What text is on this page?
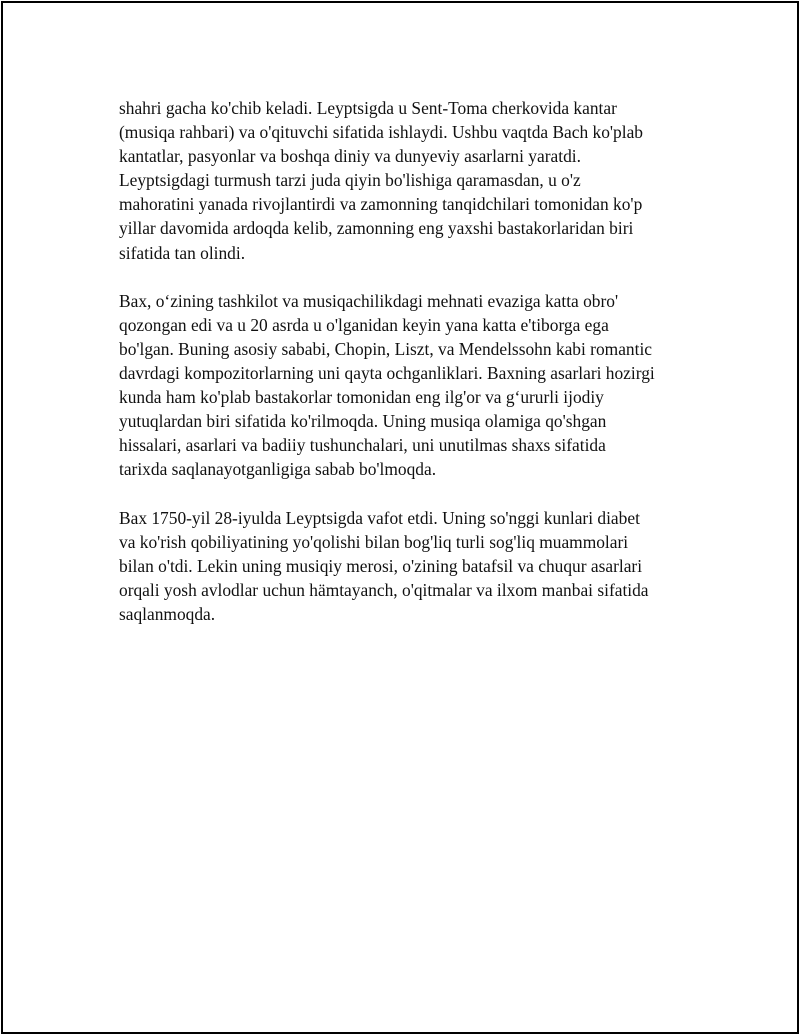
shahri gacha ko'chib keladi. Leyptsigda u Sent-Toma cherkovida kantar
(musiqa rahbari) va o'qituvchi sifatida ishlaydi. Ushbu vaqtda Bach ko'plab
kantatlar, pasyonlar va boshqa diniy va dunyeviy asarlarni yaratdi.
Leyptsigdagi turmush tarzi juda qiyin bo'lishiga qaramasdan, u o'z
mahoratini yanada rivojlantirdi va zamonning tanqidchilari tomonidan ko'p
yillar davomida ardoqda kelib, zamonning eng yaxshi bastakorlaridan biri
sifatida tan olindi.

Bax, o‘zining tashkilot va musiqachilikdagi mehnati evaziga katta obro'
qozongan edi va u 20 asrda u o'lganidan keyin yana katta e'tiborga ega
bo'lgan. Buning asosiy sababi, Chopin, Liszt, va Mendelssohn kabi romantic
davrdagi kompozitorlarning uni qayta ochganliklari. Baxning asarlari hozirgi
kunda ham ko'plab bastakorlar tomonidan eng ilg'or va g‘ururli ijodiy
yutuqlardan biri sifatida ko'rilmoqda. Uning musiqa olamiga qo'shgan
hissalari, asarlari va badiiy tushunchalari, uni unutilmas shaxs sifatida
tarixda saqlanayotganligiga sabab bo'lmoqda.

Bax 1750-yil 28-iyulda Leyptsigda vafot etdi. Uning so'nggi kunlari diabet
va ko'rish qobiliyatining yo'qolishi bilan bog'liq turli sog'liq muammolari
bilan o'tdi. Lekin uning musiqiy merosi, o'zining batafsil va chuqur asarlari
orqali yosh avlodlar uchun hämtayanch, o'qitmalar va ilxom manbai sifatida
saqlanmoqda.
